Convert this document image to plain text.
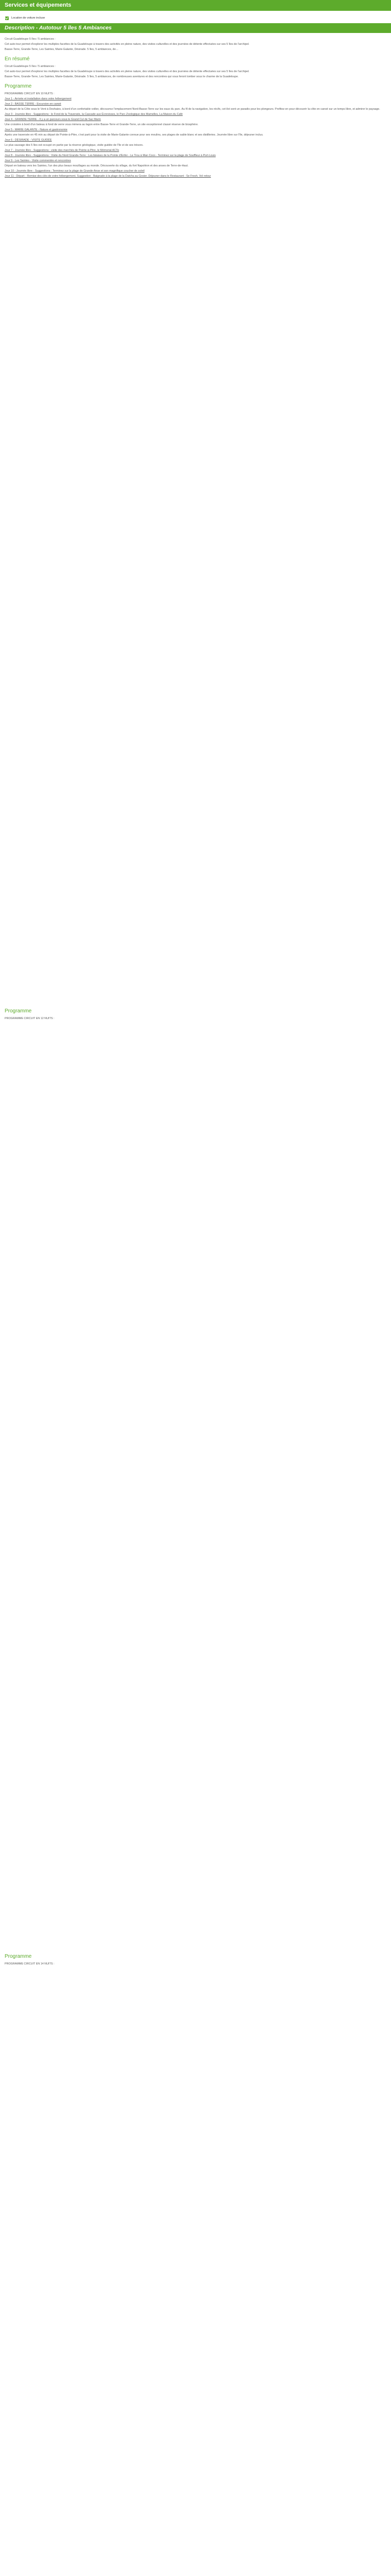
Services et équipements
Location de voiture incluse
Description - Autotour 5 îles 5 Ambiances

Circuit Guadeloupe 5 îles / 5 ambiances :

Cet auto-tour permet d'explorer les multiples facettes de la Guadeloupe à travers des activités en pleine nature, des visites culturelles et des journées de détente effectuées sur ses 5 îles de l'archipel.

Basse-Terre, Grande-Terre, Les Saintes, Marie-Galante, Désirade. 5 îles, 5 ambiances, de…

En résumé

Circuit Guadeloupe 5 îles / 5 ambiances :

Cet auto-tour permet d'explorer les multiples facettes de la Guadeloupe à travers des activités en pleine nature, des visites culturelles et des journées de détente effectuées sur ses 5 îles de l'archipel.

Basse-Terre, Grande-Terre, Les Saintes, Marie-Galante, Désirade. 5 îles, 5 ambiances, de nombreuses aventures et des rencontres qui vous feront tomber sous le charme de la Guadeloupe.

Programme

PROGRAMME CIRCUIT EN 10 NUITS :

Jour 1 - Arrivée et installation dans votre hébergement

Jour 2 - BASSE TERRE - Excursion en canoë

Au départ de la Côte sous le Vent à Deshaies, à bord d'un confortable voilier, découvrez l'emplacement Nord-Basse-Terre sur les eaux du parc. Au fil de la navigation, les récifs, cet ilot sont un paradis pour les plongeurs. Profitez-en pour découvrir la côte en canoë sur un temps libre, et admirer le paysage.

Jour 3 - Journée libre - Suggestions : le Fond de la Traversée, la Cascade aux Écrevisses, le Parc Zoologique des Mamelles, La Maison du Café

Jour 4 - GRANDE TERRE - Il y a un parcours sous le Grand Cul de Sac Marin

Une croisière à bord d'un bateau à fond de verre vous mènera au lagon entre Basse-Terre et Grande-Terre, un site exceptionnel classé réserve de biosphère.

Jour 5 - MARIE GALANTE - Nature et gastronomie

Après une traversée en 45 min au départ de Pointe-à-Pitre, c'est parti pour la visite de Marie-Galante connue pour ses moulins, ses plages de sable blanc et ses distilleries. Journée libre sur l'île, déjeuner inclus.

Jour 6 - DÉSIRADE - VISITE GUIDÉE

Le plus sauvage des 5 îles est occupé en partie par la réserve géologique, visite guidée de l'île et de ses trésors.

Jour 7 - Journée libre - Suggestions : visite des marchés de Pointe-à-Pitre, le Mémorial ACTe

Jour 8 - Journée libre - Suggestions : Visite du Nord Grande-Terre : Les falaises de la Pointe d'Enfer - Le Trou à Man Coco - Terminez sur la plage de Souffleur à Port-Louis

Jour 9 - Les Saintes - Visite commentée et rencontres

Départ en bateau vers les Saintes, l'un des plus beaux mouillages au monde. Découverte du village, du fort Napoléon et des anses de Terre-de-Haut.

Jour 10 - Journée libre - Suggestions : Terminez sur la plage de Grande-Anse et son magnifique coucher de soleil

Jour 11 - Départ - Remise des clés de votre hébergement. Suggestion : Baignade à la plage de la Datcha au Gosier. Déjeuner dans le Restaurant - Se Fresh. Vol retour

Programme

PROGRAMME CIRCUIT EN 12 NUITS :

Programme

PROGRAMME CIRCUIT EN 14 NUITS :
